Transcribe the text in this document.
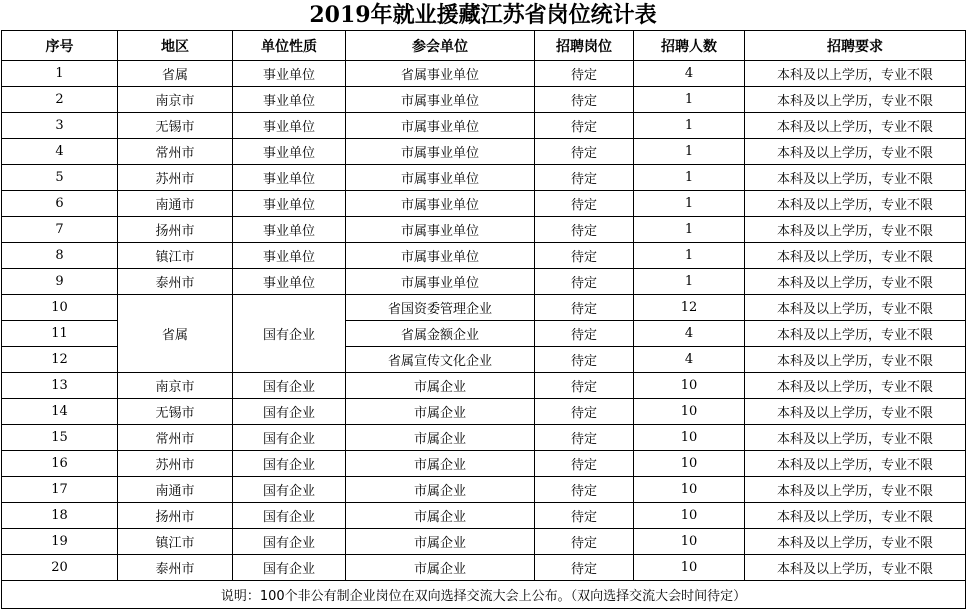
2019年就业援藏江苏省岗位统计表
序号	地区	单位性质	参会单位	招聘岗位	招聘人数	招聘要求
1	省属	事业单位	省属事业单位	待定	4	本科及以上学历，专业不限
2	南京市	事业单位	市属事业单位	待定	1	本科及以上学历，专业不限
3	无锡市	事业单位	市属事业单位	待定	1	本科及以上学历，专业不限
4	常州市	事业单位	市属事业单位	待定	1	本科及以上学历，专业不限
5	苏州市	事业单位	市属事业单位	待定	1	本科及以上学历，专业不限
6	南通市	事业单位	市属事业单位	待定	1	本科及以上学历，专业不限
7	扬州市	事业单位	市属事业单位	待定	1	本科及以上学历，专业不限
8	镇江市	事业单位	市属事业单位	待定	1	本科及以上学历，专业不限
9	泰州市	事业单位	市属事业单位	待定	1	本科及以上学历，专业不限
10	省属	国有企业	省国资委管理企业	待定	12	本科及以上学历，专业不限
11			省属金额企业	待定	4	本科及以上学历，专业不限
12			省属宣传文化企业	待定	4	本科及以上学历，专业不限
13	南京市	国有企业	市属企业	待定	10	本科及以上学历，专业不限
14	无锡市	国有企业	市属企业	待定	10	本科及以上学历，专业不限
15	常州市	国有企业	市属企业	待定	10	本科及以上学历，专业不限
16	苏州市	国有企业	市属企业	待定	10	本科及以上学历，专业不限
17	南通市	国有企业	市属企业	待定	10	本科及以上学历，专业不限
18	扬州市	国有企业	市属企业	待定	10	本科及以上学历，专业不限
19	镇江市	国有企业	市属企业	待定	10	本科及以上学历，专业不限
20	泰州市	国有企业	市属企业	待定	10	本科及以上学历，专业不限
说明：100个非公有制企业岗位在双向选择交流大会上公布。（双向选择交流大会时间待定）						
